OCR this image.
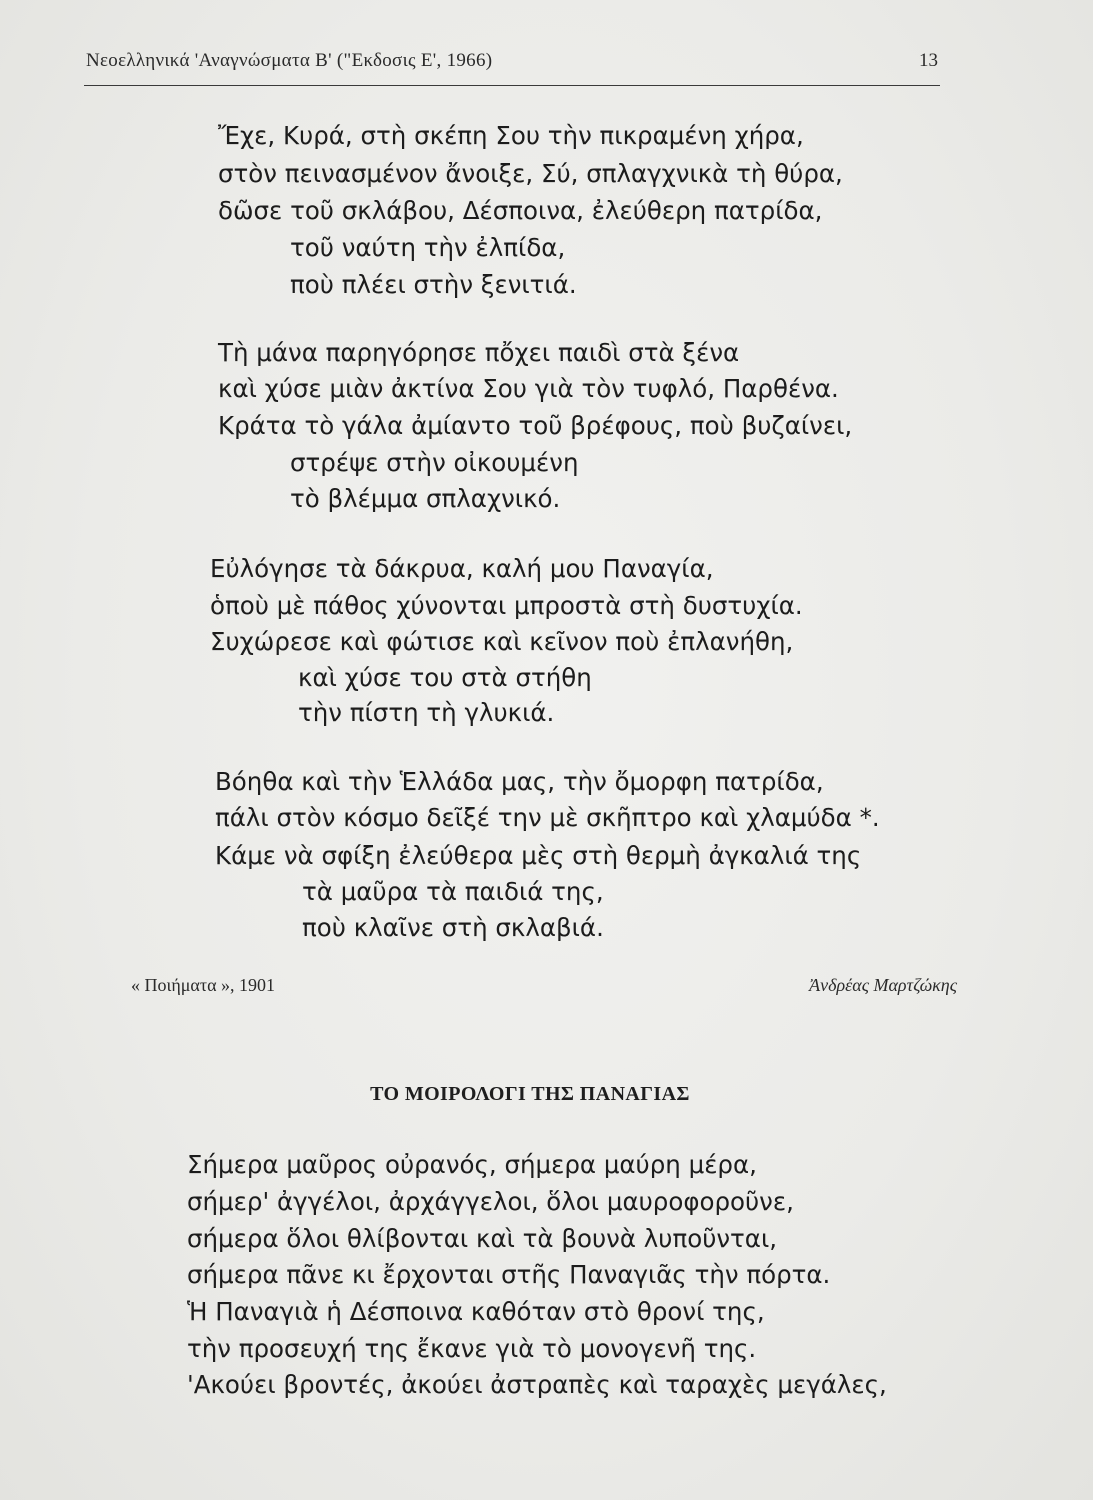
Νεοελληνικά 'Αναγνώσματα Β' ("Εκδοσις Ε', 1966)	13
Ἔχε, Κυρά, στὴ σκέπη Σου τὴν πικραμένη χήρα,
στὸν πεινασμένον ἄνοιξε, Σύ, σπλαγχνικὰ τὴ θύρα,
δῶσε τοῦ σκλάβου, Δέσποινα, ἐλεύθερη πατρίδα,
τοῦ ναύτη τὴν ἐλπίδα,
ποὺ πλέει στὴν ξενιτιά.
Τὴ μάνα παρηγόρησε πὄχει παιδὶ στὰ ξένα
καὶ χύσε μιὰν ἀκτίνα Σου γιὰ τὸν τυφλό, Παρθένα.
Κράτα τὸ γάλα ἀμίαντο τοῦ βρέφους, ποὺ βυζαίνει,
στρέψε στὴν οἰκουμένη
τὸ βλέμμα σπλαχνικό.
Εὐλόγησε τὰ δάκρυα, καλή μου Παναγία,
ὁποὺ μὲ πάθος χύνονται μπροστὰ στὴ δυστυχία.
Συχώρεσε καὶ φώτισε καὶ κεῖνον ποὺ ἐπλανήθη,
καὶ χύσε του στὰ στήθη
τὴν πίστη τὴ γλυκιά.
Βόηθα καὶ τὴν Ἑλλάδα μας, τὴν ὄμορφη πατρίδα,
πάλι στὸν κόσμο δεῖξέ την μὲ σκῆπτρο καὶ χλαμύδα *.
Κάμε νὰ σφίξη ἐλεύθερα μὲς στὴ θερμὴ ἀγκαλιά της
τὰ μαῦρα τὰ παιδιά της,
ποὺ κλαῖνε στὴ σκλαβιά.
« Ποιήματα », 1901	Ἀνδρέας Μαρτζώκης
ΤΟ ΜΟΙΡΟΛΟΓΙ ΤΗΣ ΠΑΝΑΓΙΑΣ
Σήμερα μαῦρος οὐρανός, σήμερα μαύρη μέρα,
σήμερ' ἀγγέλοι, ἀρχάγγελοι, ὅλοι μαυροφοροῦνε,
σήμερα ὅλοι θλίβονται καὶ τὰ βουνὰ λυποῦνται,
σήμερα πᾶνε κι ἔρχονται στῆς Παναγιᾶς τὴν πόρτα.
Ἡ Παναγιὰ ἡ Δέσποινα καθόταν στὸ θρονί της,
τὴν προσευχή της ἔκανε γιὰ τὸ μονογενῆ της.
'Ακούει βροντές, ἀκούει ἀστραπὲς καὶ ταραχὲς μεγάλες,
